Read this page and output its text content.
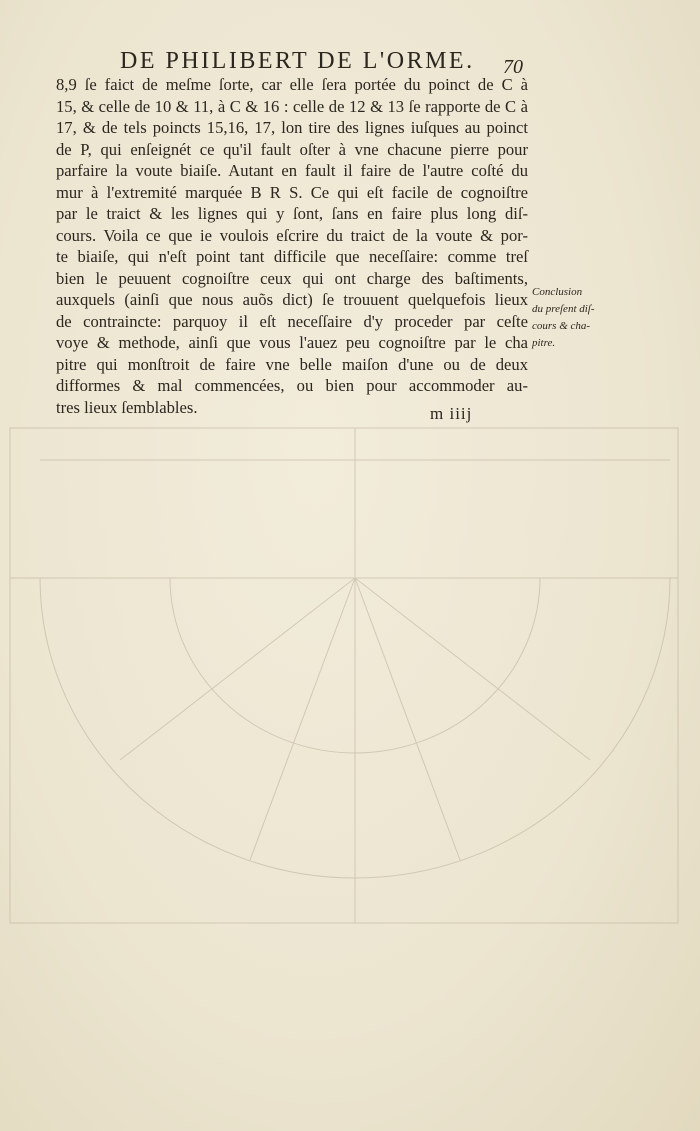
DE PHILIBERT DE L'ORME.	70
8,9 ſe faict de meſme ſorte, car elle ſera portée du poinct de C à
15, & celle de 10 & 11, à C & 16 : celle de 12 & 13 ſe rapporte de C à
17, & de tels poincts 15,16, 17, lon tire des lignes iuſques au poinct
de P, qui enſeignét ce qu'il fault oſter à vne chacune pierre pour
parfaire la voute biaiſe. Autant en fault il faire de l'autre coſté du
mur à l'extremité marquée B R S. Ce qui eſt facile de cognoiſtre
par le traict & les lignes qui y ſont, ſans en faire plus long diſ-
cours. Voila ce que ie voulois eſcrire du traict de la voute & por-
te biaiſe, qui n'eſt point tant difficile que neceſſaire: comme treſ
bien le peuuent cognoiſtre ceux qui ont charge des baſtiments,
auxquels (ainſi que nous auõs dict) ſe trouuent quelquefois lieux
de contraincte: parquoy il eſt neceſſaire d'y proceder par ceſte
voye & methode, ainſi que vous l'auez peu cognoiſtre par le cha
pitre qui monſtroit de faire vne belle maiſon d'une ou de deux
difformes & mal commencées, ou bien pour accommoder au-
tres lieux ſemblables.
Conclusion
du preſent diſ-
cours & cha-
pitre.
m iiij
